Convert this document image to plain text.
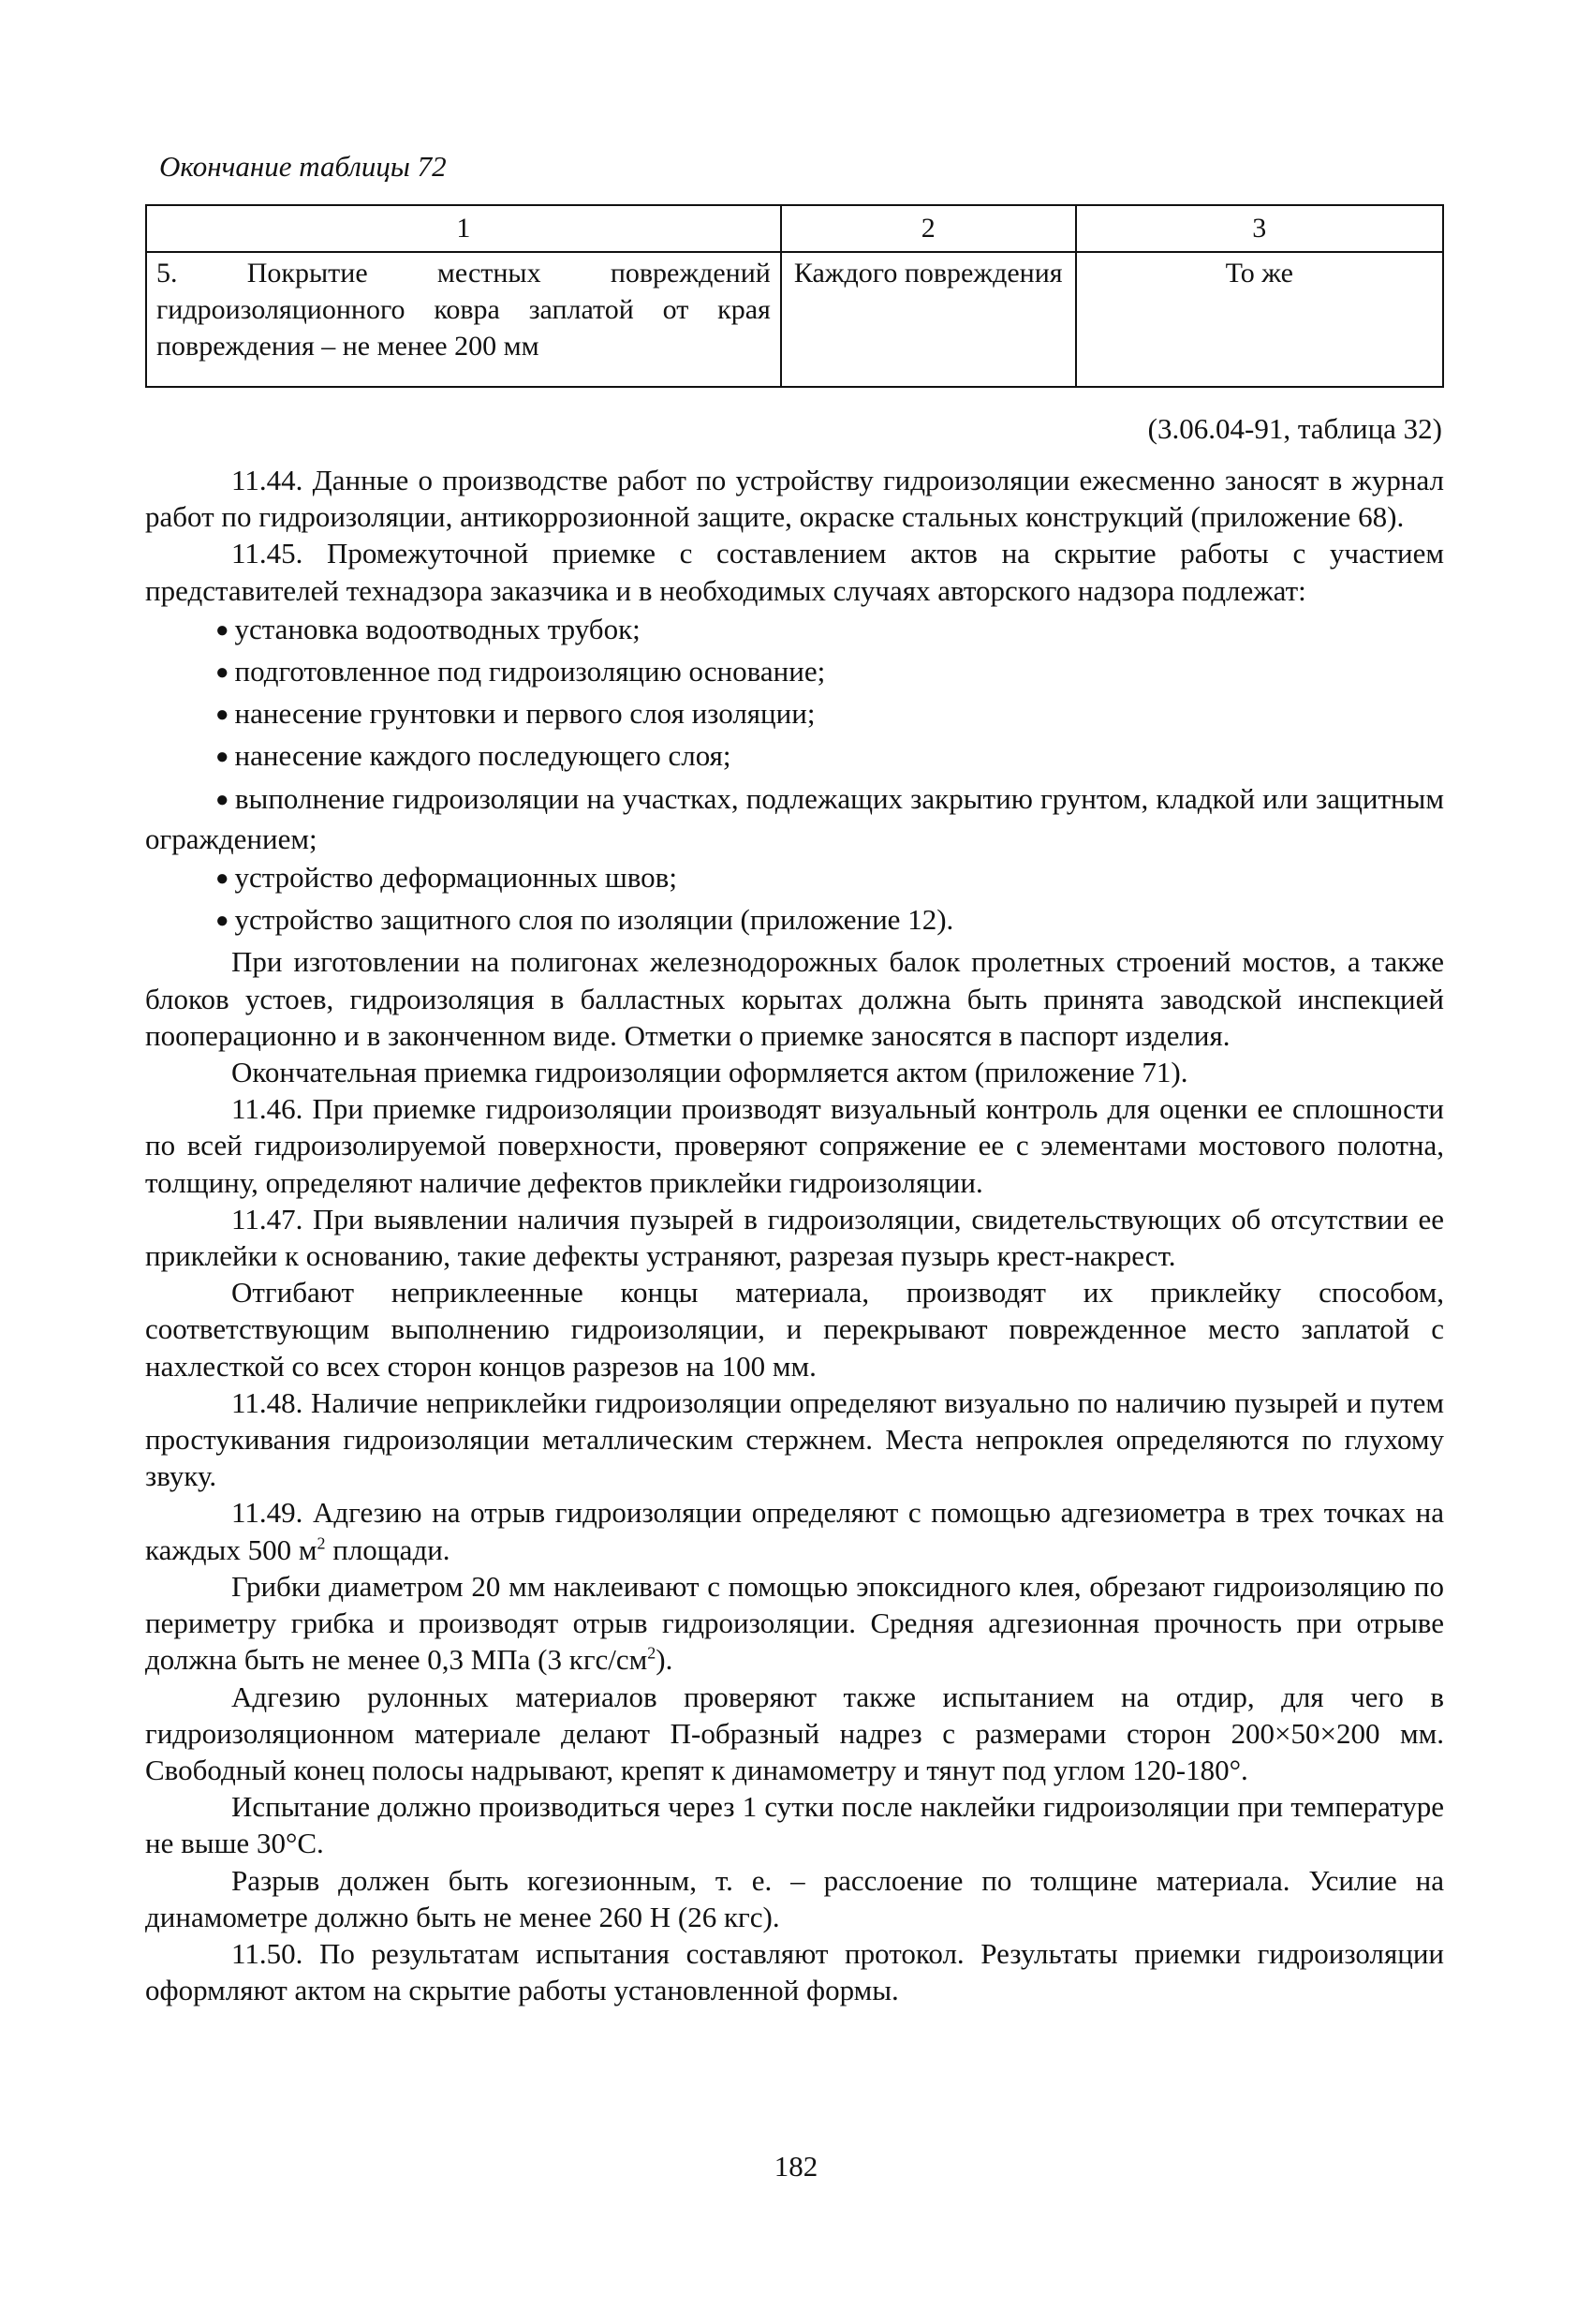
Окончание таблицы 72
1	2	3
5. Покрытие местных повреждений гидроизоляционного ковра заплатой от края повреждения – не менее 200 мм	Каждого повреждения	То же
(3.06.04-91, таблица 32)

11.44. Данные о производстве работ по устройству гидроизоляции ежесменно заносят в журнал работ по гидроизоляции, антикоррозионной защите, окраске стальных конструкций (приложение 68).

11.45. Промежуточной приемке с составлением актов на скрытие работы с участием представителей технадзора заказчика и в необходимых случаях авторского надзора подлежат:

● установка водоотводных трубок;

● подготовленное под гидроизоляцию основание;

● нанесение грунтовки и первого слоя изоляции;

● нанесение каждого последующего слоя;

● выполнение гидроизоляции на участках, подлежащих закрытию грунтом, кладкой или защитным ограждением;

● устройство деформационных швов;

● устройство защитного слоя по изоляции (приложение 12).

При изготовлении на полигонах железнодорожных балок пролетных строений мостов, а также блоков устоев, гидроизоляция в балластных корытах должна быть принята заводской инспекцией пооперационно и в законченном виде. Отметки о приемке заносятся в паспорт изделия.

Окончательная приемка гидроизоляции оформляется актом (приложение 71).

11.46. При приемке гидроизоляции производят визуальный контроль для оценки ее сплошности по всей гидроизолируемой поверхности, проверяют сопряжение ее с элементами мостового полотна, толщину, определяют наличие дефектов приклейки гидроизоляции.

11.47. При выявлении наличия пузырей в гидроизоляции, свидетельствующих об отсутствии ее приклейки к основанию, такие дефекты устраняют, разрезая пузырь крест-накрест.

Отгибают неприклеенные концы материала, производят их приклейку способом, соответствующим выполнению гидроизоляции, и перекрывают поврежденное место заплатой с нахлесткой со всех сторон концов разрезов на 100 мм.

11.48. Наличие неприклейки гидроизоляции определяют визуально по наличию пузырей и путем простукивания гидроизоляции металлическим стержнем. Места непроклея определяются по глухому звуку.

11.49. Адгезию на отрыв гидроизоляции определяют с помощью адгезиометра в трех точках на каждых 500 $м^2$ площади.

Грибки диаметром 20 мм наклеивают с помощью эпоксидного клея, обрезают гидроизоляцию по периметру грибка и производят отрыв гидроизоляции. Средняя адгезионная прочность при отрыве должна быть не менее 0,3 МПа (3 кгс/$см^2$).

Адгезию рулонных материалов проверяют также испытанием на отдир, для чего в гидроизоляционном материале делают П-образный надрез с размерами сторон 200×50×200 мм. Свободный конец полосы надрывают, крепят к динамометру и тянут под углом 120-180°.

Испытание должно производиться через 1 сутки после наклейки гидроизоляции при температуре не выше 30°С.

Разрыв должен быть когезионным, т. е. – расслоение по толщине материала. Усилие на динамометре должно быть не менее 260 Н (26 кгс).

11.50. По результатам испытания составляют протокол. Результаты приемки гидроизоляции оформляют актом на скрытие работы установленной формы.

182
